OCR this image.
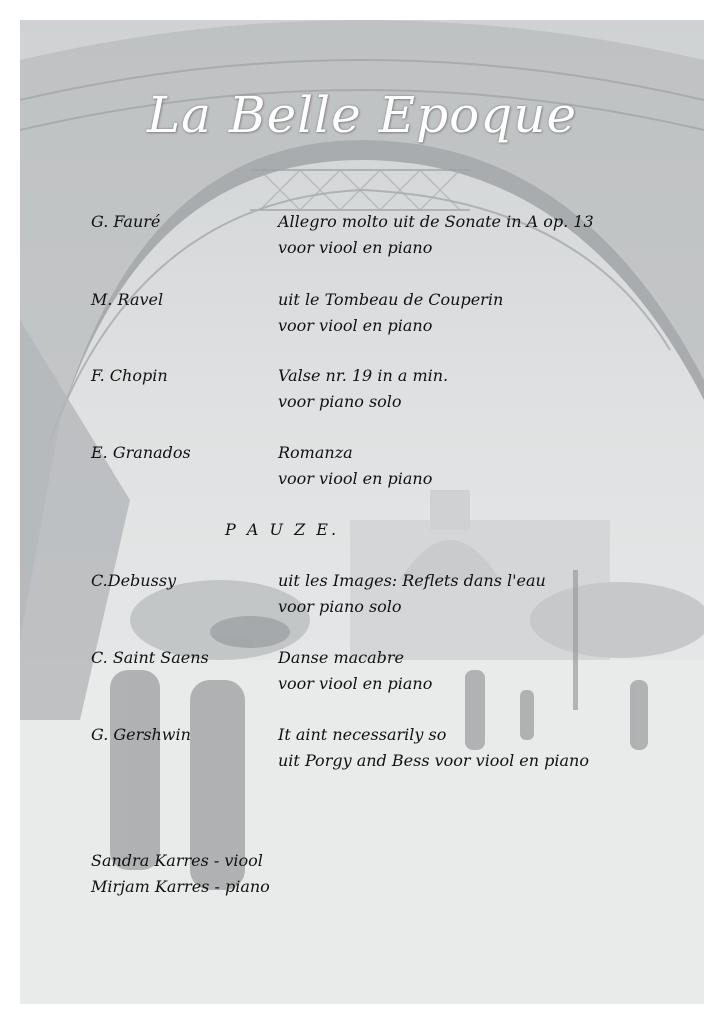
La Belle Epoque
G. Fauré	Allegro molto uit de Sonate in A op. 13
voor viool en piano
M. Ravel	uit le Tombeau de Couperin
voor viool en piano
F. Chopin	Valse nr. 19 in a min.
voor piano solo
E. Granados	Romanza
voor viool en piano
P A U Z E.
C.Debussy	uit les Images: Reflets dans l'eau
voor piano solo
C. Saint Saens	Danse macabre
voor viool en piano
G. Gershwin	It aint necessarily so
uit Porgy and Bess voor viool en piano
Sandra Karres - viool
Mirjam Karres - piano
